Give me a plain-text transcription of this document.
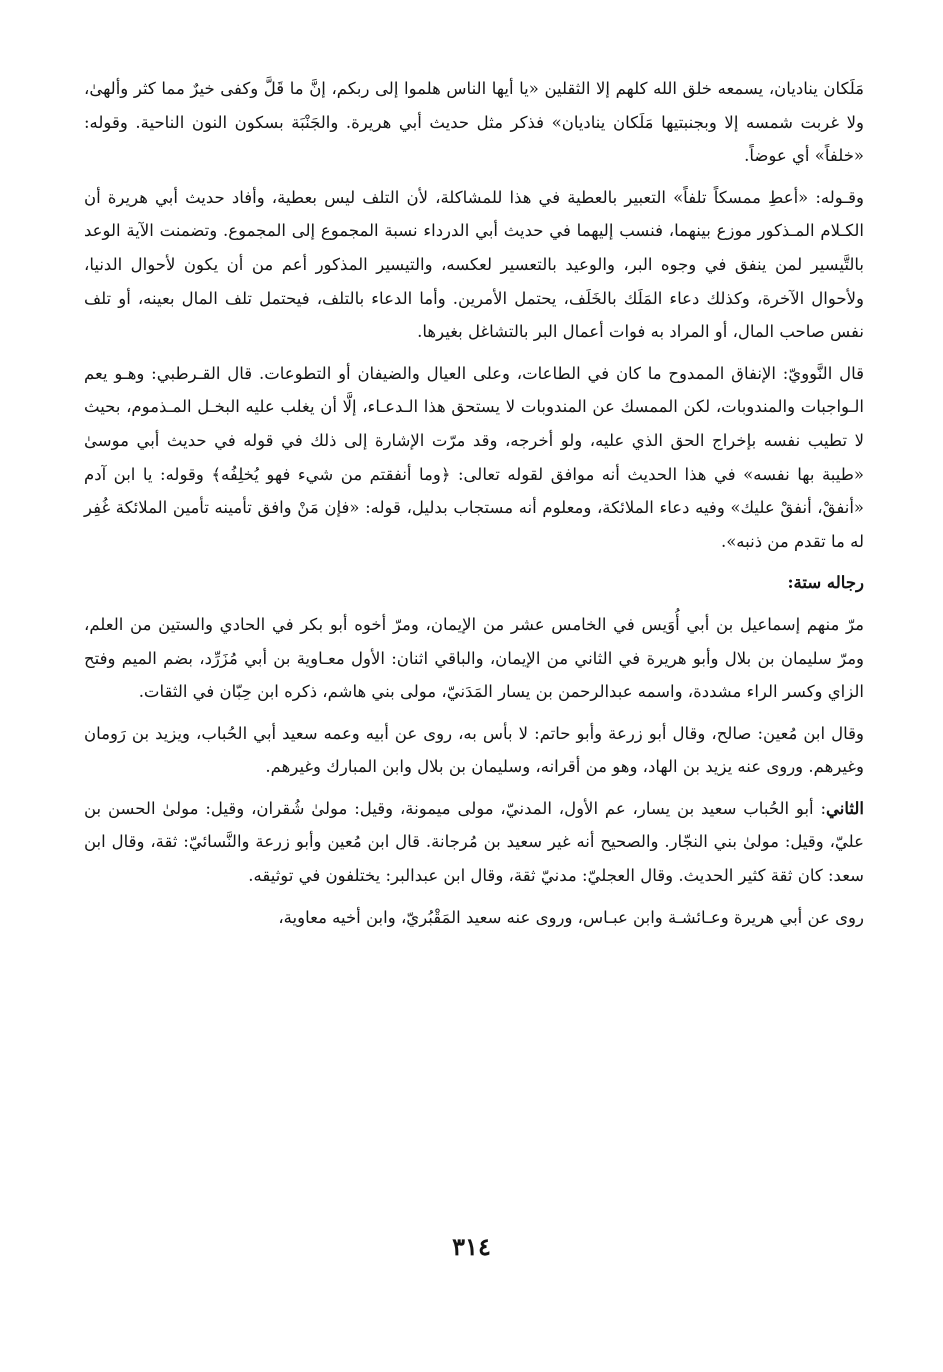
مَلَكان يناديان، يسمعه خلق الله كلهم إلا الثقلين «يا أيها الناس هلموا إلى ربكم، إنَّ ما قَلَّ وكفى خيرٌ مما كثر وألهىٰ، ولا غربت شمسه إلا وبجنبتيها مَلَكان يناديان» فذكر مثل حديث أبي هريرة. والجَنْبَة بسكون النون الناحية. وقوله: «خلفاً» أي عوضاً.

وقـوله: «أعطِ ممسكاً تلفاً» التعبير بالعطية في هذا للمشاكلة، لأن التلف ليس بعطية، وأفاد حديث أبي هريرة أن الكـلام المـذكور موزع بينهما، فنسب إليهما في حديث أبي الدرداء نسبة المجموع إلى المجموع. وتضمنت الآية الوعد بالتَّيسير لمن ينفق في وجوه البر، والوعيد بالتعسير لعكسه، والتيسير المذكور أعم من أن يكون لأحوال الدنيا، ولأحوال الآخرة، وكذلك دعاء المَلَك بالخَلَف، يحتمل الأمرين. وأما الدعاء بالتلف، فيحتمل تلف المال بعينه، أو تلف نفس صاحب المال، أو المراد به فوات أعمال البر بالتشاغل بغيرها.

قال النَّوويّ: الإنفاق الممدوح ما كان في الطاعات، وعلى العيال والضيفان أو التطوعات. قال القـرطبي: وهـو يعم الـواجبات والمندوبات، لكن الممسك عن المندوبات لا يستحق هذا الـدعـاء، إلَّا أن يغلب عليه البخـل المـذموم، بحيث لا تطيب نفسه بإخراج الحق الذي عليه، ولو أخرجه، وقد مرّت الإشارة إلى ذلك في قوله في حديث أبي موسىٰ «طيبة بها نفسه» في هذا الحديث أنه موافق لقوله تعالى: ﴿وما أنفقتم من شيء فهو يُخلِفُه﴾ وقوله: يا ابن آدم «أنفقْ، أنفقْ عليك» وفيه دعاء الملائكة، ومعلوم أنه مستجاب بدليل، قوله: «فإن مَنْ وافق تأمينه تأمين الملائكة غُفِر له ما تقدم من ذنبه».

رجاله ستة:

مرّ منهم إسماعيل بن أبي أُوَيس في الخامس عشر من الإيمان، ومرّ أخوه أبو بكر في الحادي والستين من العلم، ومرّ سليمان بن بلال وأبو هريرة في الثاني من الإيمان، والباقي اثنان: الأول معـاوية بن أبي مُزَرِّد، بضم الميم وفتح الزاي وكسر الراء مشددة، واسمه عبدالرحمن بن يسار المَدَنيّ، مولى بني هاشم، ذكره ابن حِبّان في الثقات.

وقال ابن مُعين: صالح، وقال أبو زرعة وأبو حاتم: لا بأس به، روى عن أبيه وعمه سعيد أبي الحُباب، ويزيد بن رَومان وغيرهم. وروى عنه يزيد بن الهاد، وهو من أقرانه، وسليمان بن بلال وابن المبارك وغيرهم.

الثاني: أبو الحُباب سعيد بن يسار، عم الأول، المدنيّ، مولى ميمونة، وقيل: مولىٰ شُقران، وقيل: مولىٰ الحسن بن عليّ، وقيل: مولىٰ بني النجّار. والصحيح أنه غير سعيد بن مُرجانة. قال ابن مُعين وأبو زرعة والنَّسائيّ: ثقة، وقال ابن سعد: كان ثقة كثير الحديث. وقال العجليّ: مدنيّ ثقة، وقال ابن عبدالبر: يختلفون في توثيقه.

روى عن أبي هريرة وعـائشـة وابن عبـاس، وروى عنه سعيد المَقْبُريّ، وابن أخيه معاوية،

٣١٤
